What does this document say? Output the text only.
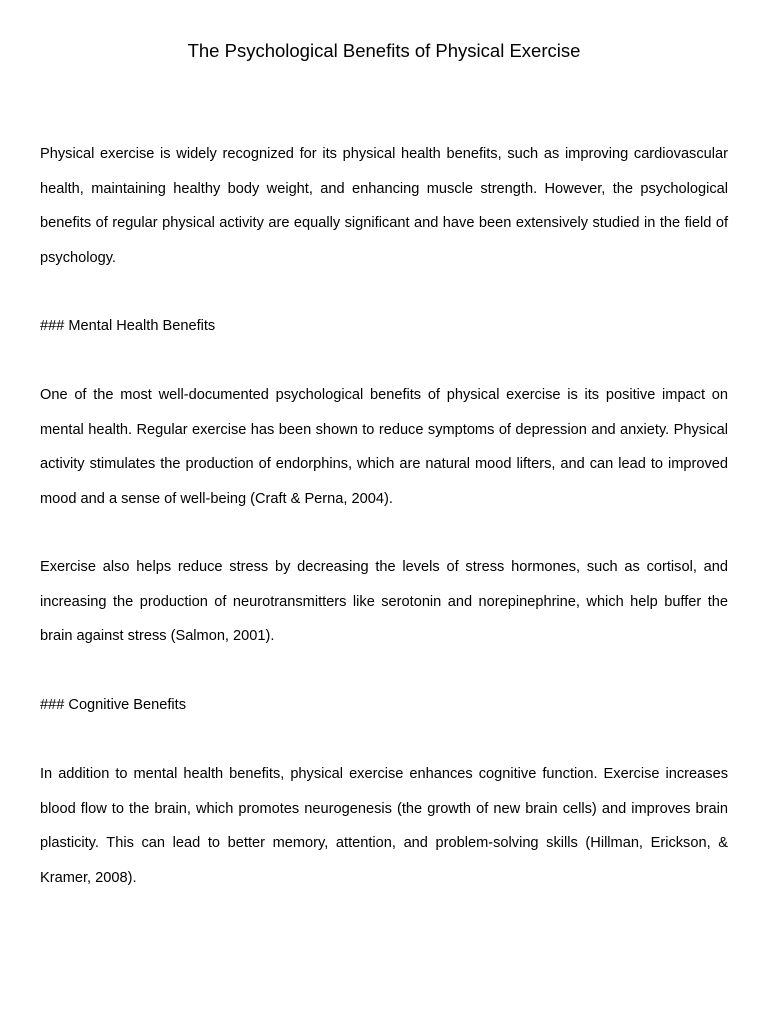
The Psychological Benefits of Physical Exercise

Physical exercise is widely recognized for its physical health benefits, such as improving cardiovascular health, maintaining healthy body weight, and enhancing muscle strength. However, the psychological benefits of regular physical activity are equally significant and have been extensively studied in the field of psychology.

### Mental Health Benefits

One of the most well-documented psychological benefits of physical exercise is its positive impact on mental health. Regular exercise has been shown to reduce symptoms of depression and anxiety. Physical activity stimulates the production of endorphins, which are natural mood lifters, and can lead to improved mood and a sense of well-being (Craft & Perna, 2004).

Exercise also helps reduce stress by decreasing the levels of stress hormones, such as cortisol, and increasing the production of neurotransmitters like serotonin and norepinephrine, which help buffer the brain against stress (Salmon, 2001).

### Cognitive Benefits

In addition to mental health benefits, physical exercise enhances cognitive function. Exercise increases blood flow to the brain, which promotes neurogenesis (the growth of new brain cells) and improves brain plasticity. This can lead to better memory, attention, and problem-solving skills (Hillman, Erickson, & Kramer, 2008).
